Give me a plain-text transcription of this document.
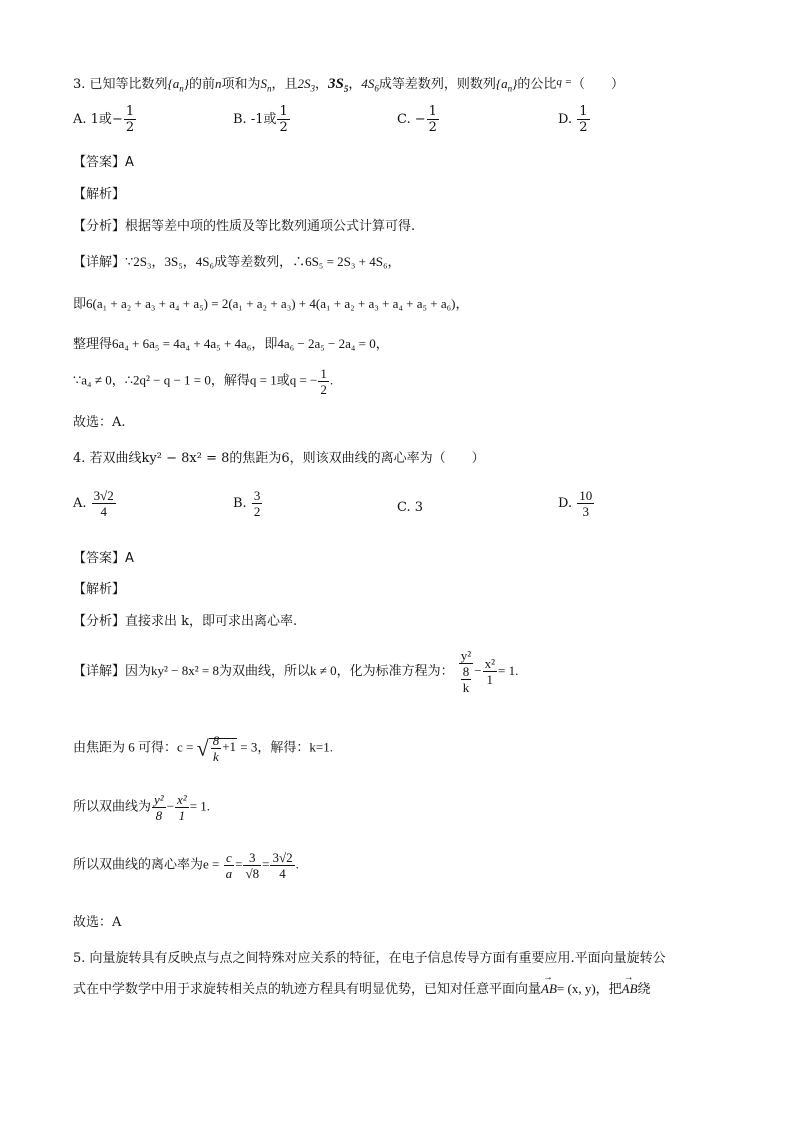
3. 已知等比数列$\{a_n\}$的前n项和为$S_n$，且$2S_3$，$3S_5$，$4S_6$成等差数列，则数列$\{a_n\}$的公比$^{q =}$（　　）
A. 1或− $\frac{1}{2}$	B. -1或 $\frac{1}{2}$	C. − $\frac{1}{2}$	D. $\frac{1}{2}$
【答案】A
【解析】
【分析】根据等差中项的性质及等比数列通项公式计算可得.
【详解】∵2S₃，3S₅，4S₆成等差数列，∴6S₅ = 2S₃ + 4S₆，
即6(a₁ + a₂ + a₃ + a₄ + a₅) = 2(a₁ + a₂ + a₃) + 4(a₁ + a₂ + a₃ + a₄ + a₅ + a₆)，
整理得6a₄ + 6a₅ = 4a₄ + 4a₅ + 4a₆，即4a₆ − 2a₅ − 2a₄ = 0，
∵a₄ ≠ 0，∴2q² − q − 1 = 0，解得q = 1或q = − $\frac{1}{2}$ .
故选：A.
4. 若双曲线ky² − 8x² = 8的焦距为6，则该双曲线的离心率为（　　）
A. $\frac{3√2}{4}$	B. $\frac{3}{2}$	C. 3	D. $\frac{10}{3}$
【答案】A
【解析】
【分析】直接求出 k，即可求出离心率.
【详解】因为ky² − 8x² = 8为双曲线，所以k ≠ 0，化为标准方程为： $\frac{\text{y²}}{\frac{8}{k}} - \frac{\text{x²}}{1} = 1$.
由焦距为 6 可得：c = √ $\frac{8}{k} +1 = 3$，解得：k=1.
所以双曲线为 $\frac{\text{y²}}{8} - \frac{\text{x²}}{1} = 1$.
所以双曲线的离心率为$e = \frac{c}{a} = \frac{3}{√8} = \frac{3√2}{4}$ .
故选：A
5. 向量旋转具有反映点与点之间特殊对应关系的特征，在电子信息传导方面有重要应用.平面向量旋转公
式在中学数学中用于求旋转相关点的轨迹方程具有明显优势，已知对任意平面向量
→
AB= (x, y)，把
→
AB绕
